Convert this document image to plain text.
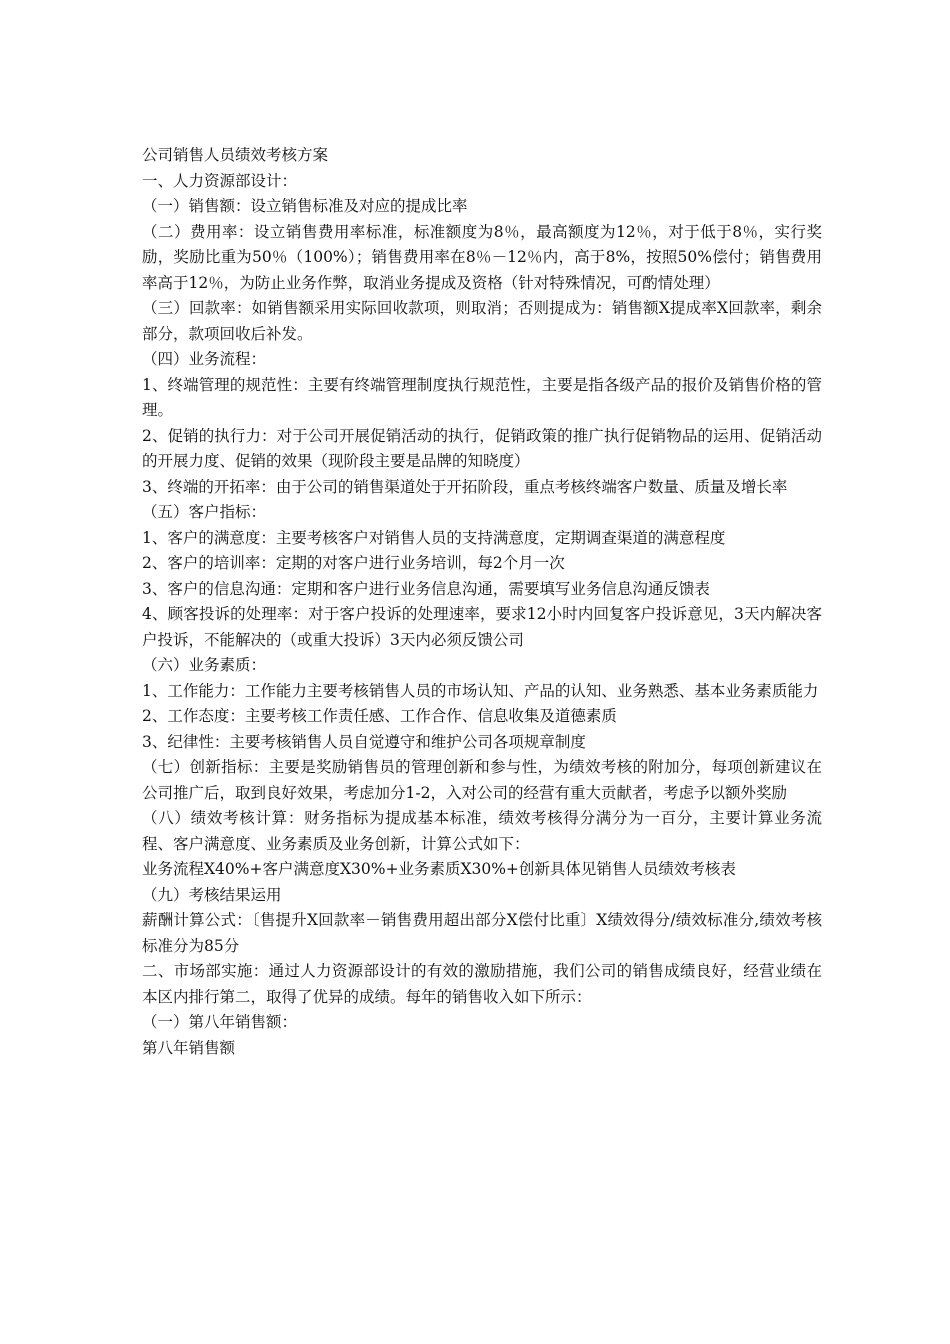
公司销售人员绩效考核方案

一、人力资源部设计：

（一）销售额：设立销售标准及对应的提成比率

（二）费用率：设立销售费用率标准，标准额度为8％，最高额度为12％，对于低于8％，实行奖励，奖励比重为50％（100%）；销售费用率在8％－12％内，高于8%，按照50%偿付；销售费用率高于12％，为防止业务作弊，取消业务提成及资格（针对特殊情况，可酌情处理）

（三）回款率：如销售额采用实际回收款项，则取消；否则提成为：销售额X提成率X回款率，剩余部分，款项回收后补发。

（四）业务流程：

1、终端管理的规范性：主要有终端管理制度执行规范性，主要是指各级产品的报价及销售价格的管理。

2、促销的执行力：对于公司开展促销活动的执行，促销政策的推广执行促销物品的运用、促销活动的开展力度、促销的效果（现阶段主要是品牌的知晓度）

3、终端的开拓率：由于公司的销售渠道处于开拓阶段，重点考核终端客户数量、质量及增长率

（五）客户指标：

1、客户的满意度：主要考核客户对销售人员的支持满意度，定期调查渠道的满意程度

2、客户的培训率：定期的对客户进行业务培训，每2个月一次

3、客户的信息沟通：定期和客户进行业务信息沟通，需要填写业务信息沟通反馈表

4、顾客投诉的处理率：对于客户投诉的处理速率，要求12小时内回复客户投诉意见，3天内解决客户投诉，不能解决的（或重大投诉）3天内必须反馈公司

（六）业务素质：

1、工作能力：工作能力主要考核销售人员的市场认知、产品的认知、业务熟悉、基本业务素质能力

2、工作态度：主要考核工作责任感、工作合作、信息收集及道德素质

3、纪律性：主要考核销售人员自觉遵守和维护公司各项规章制度

（七）创新指标：主要是奖励销售员的管理创新和参与性，为绩效考核的附加分，每项创新建议在公司推广后，取到良好效果，考虑加分1-2，入对公司的经营有重大贡献者，考虑予以额外奖励

（八）绩效考核计算：财务指标为提成基本标准，绩效考核得分满分为一百分，主要计算业务流程、客户满意度、业务素质及业务创新，计算公式如下：

业务流程X40%+客户满意度X30%+业务素质X30%+创新具体见销售人员绩效考核表

（九）考核结果运用

薪酬计算公式：〔售提升X回款率－销售费用超出部分X偿付比重〕X绩效得分/绩效标准分,绩效考核标准分为85分

二、市场部实施：通过人力资源部设计的有效的激励措施，我们公司的销售成绩良好，经营业绩在本区内排行第二，取得了优异的成绩。每年的销售收入如下所示：

（一）第八年销售额：

第八年销售额
